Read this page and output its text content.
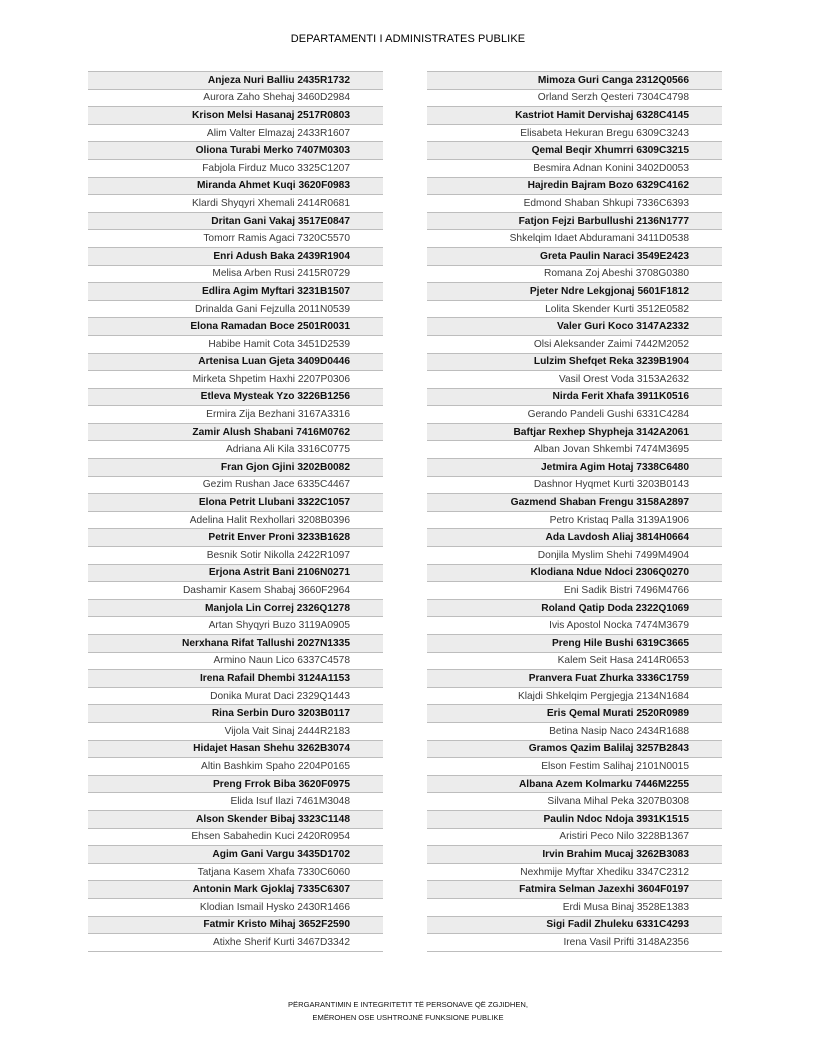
DEPARTAMENTI I ADMINISTRATES PUBLIKE
Anjeza Nuri Balliu 2435R1732
Aurora Zaho Shehaj 3460D2984
Krison Melsi Hasanaj 2517R0803
Alim Valter Elmazaj 2433R1607
Oliona Turabi Merko 7407M0303
Fabjola Firduz Muco 3325C1207
Miranda Ahmet Kuqi 3620F0983
Klardi Shyqyri Xhemali 2414R0681
Dritan Gani Vakaj 3517E0847
Tomorr Ramis Agaci 7320C5570
Enri Adush Baka 2439R1904
Melisa Arben Rusi 2415R0729
Edlira Agim Myftari 3231B1507
Drinalda Gani Fejzulla 2011N0539
Elona Ramadan Boce 2501R0031
Habibe Hamit Cota 3451D2539
Artenisa Luan Gjeta 3409D0446
Mirketa Shpetim Haxhi 2207P0306
Etleva Mysteak Yzo 3226B1256
Ermira Zija Bezhani 3167A3316
Zamir Alush Shabani 7416M0762
Adriana Ali Kila 3316C0775
Fran Gjon Gjini 3202B0082
Gezim Rushan Jace 6335C4467
Elona Petrit Llubani 3322C1057
Adelina Halit Rexhollari 3208B0396
Petrit Enver Proni 3233B1628
Besnik Sotir Nikolla 2422R1097
Erjona Astrit Bani 2106N0271
Dashamir Kasem Shabaj 3660F2964
Manjola Lin Correj 2326Q1278
Artan Shyqyri Buzo 3119A0905
Nerxhana Rifat Tallushi 2027N1335
Armino Naun Lico 6337C4578
Irena Rafail Dhembi 3124A1153
Donika Murat Daci 2329Q1443
Rina Serbin Duro 3203B0117
Vijola Vait Sinaj 2444R2183
Hidajet Hasan Shehu 3262B3074
Altin Bashkim Spaho 2204P0165
Preng Frrok Biba 3620F0975
Elida Isuf Ilazi 7461M3048
Alson Skender Bibaj 3323C1148
Ehsen Sabahedin Kuci 2420R0954
Agim Gani Vargu 3435D1702
Tatjana Kasem Xhafa 7330C6060
Antonin Mark Gjoklaj 7335C6307
Klodian Ismail Hysko 2430R1466
Fatmir Kristo Mihaj 3652F2590
Atixhe Sherif Kurti 3467D3342
Mimoza Guri Canga 2312Q0566
Orland Serzh Qesteri 7304C4798
Kastriot Hamit Dervishaj 6328C4145
Elisabeta Hekuran Bregu 6309C3243
Qemal Beqir Xhumrri 6309C3215
Besmira Adnan Konini 3402D0053
Hajredin Bajram Bozo 6329C4162
Edmond Shaban Shkupi 7336C6393
Fatjon Fejzi Barbullushi 2136N1777
Shkelqim Idaet Abduramani 3411D0538
Greta Paulin Naraci 3549E2423
Romana Zoj Abeshi 3708G0380
Pjeter Ndre Lekgjonaj 5601F1812
Lolita Skender Kurti 3512E0582
Valer Guri Koco 3147A2332
Olsi Aleksander Zaimi 7442M2052
Lulzim Shefqet Reka 3239B1904
Vasil Orest Voda 3153A2632
Nirda Ferit Xhafa 3911K0516
Gerando Pandeli Gushi 6331C4284
Baftjar Rexhep Shypheja 3142A2061
Alban Jovan Shkembi 7474M3695
Jetmira Agim Hotaj 7338C6480
Dashnor Hyqmet Kurti 3203B0143
Gazmend Shaban Frengu 3158A2897
Petro Kristaq Palla 3139A1906
Ada Lavdosh Aliaj 3814H0664
Donjila Myslim Shehi 7499M4904
Klodiana Ndue Ndoci 2306Q0270
Eni Sadik Bistri 7496M4766
Roland Qatip Doda 2322Q1069
Ivis Apostol Nocka 7474M3679
Preng Hile Bushi 6319C3665
Kalem Seit Hasa 2414R0653
Pranvera Fuat Zhurka 3336C1759
Klajdi Shkelqim Pergjegja 2134N1684
Eris Qemal Murati 2520R0989
Betina Nasip Naco 2434R1688
Gramos Qazim Balilaj 3257B2843
Elson Festim Salihaj 2101N0015
Albana Azem Kolmarku 7446M2255
Silvana Mihal Peka 3207B0308
Paulin Ndoc Ndoja 3931K1515
Aristiri Peco Nilo 3228B1367
Irvin Brahim Mucaj 3262B3083
Nexhmije Myftar Xhediku 3347C2312
Fatmira Selman Jazexhi 3604F0197
Erdi Musa Binaj 3528E1383
Sigi Fadil Zhuleku 6331C4293
Irena Vasil Prifti 3148A2356
PËRGARANTIMIN E INTEGRITETIT TË PERSONAVE QË ZGJIDHEN,
EMËROHEN OSE USHTROJNË FUNKSIONE PUBLIKE
